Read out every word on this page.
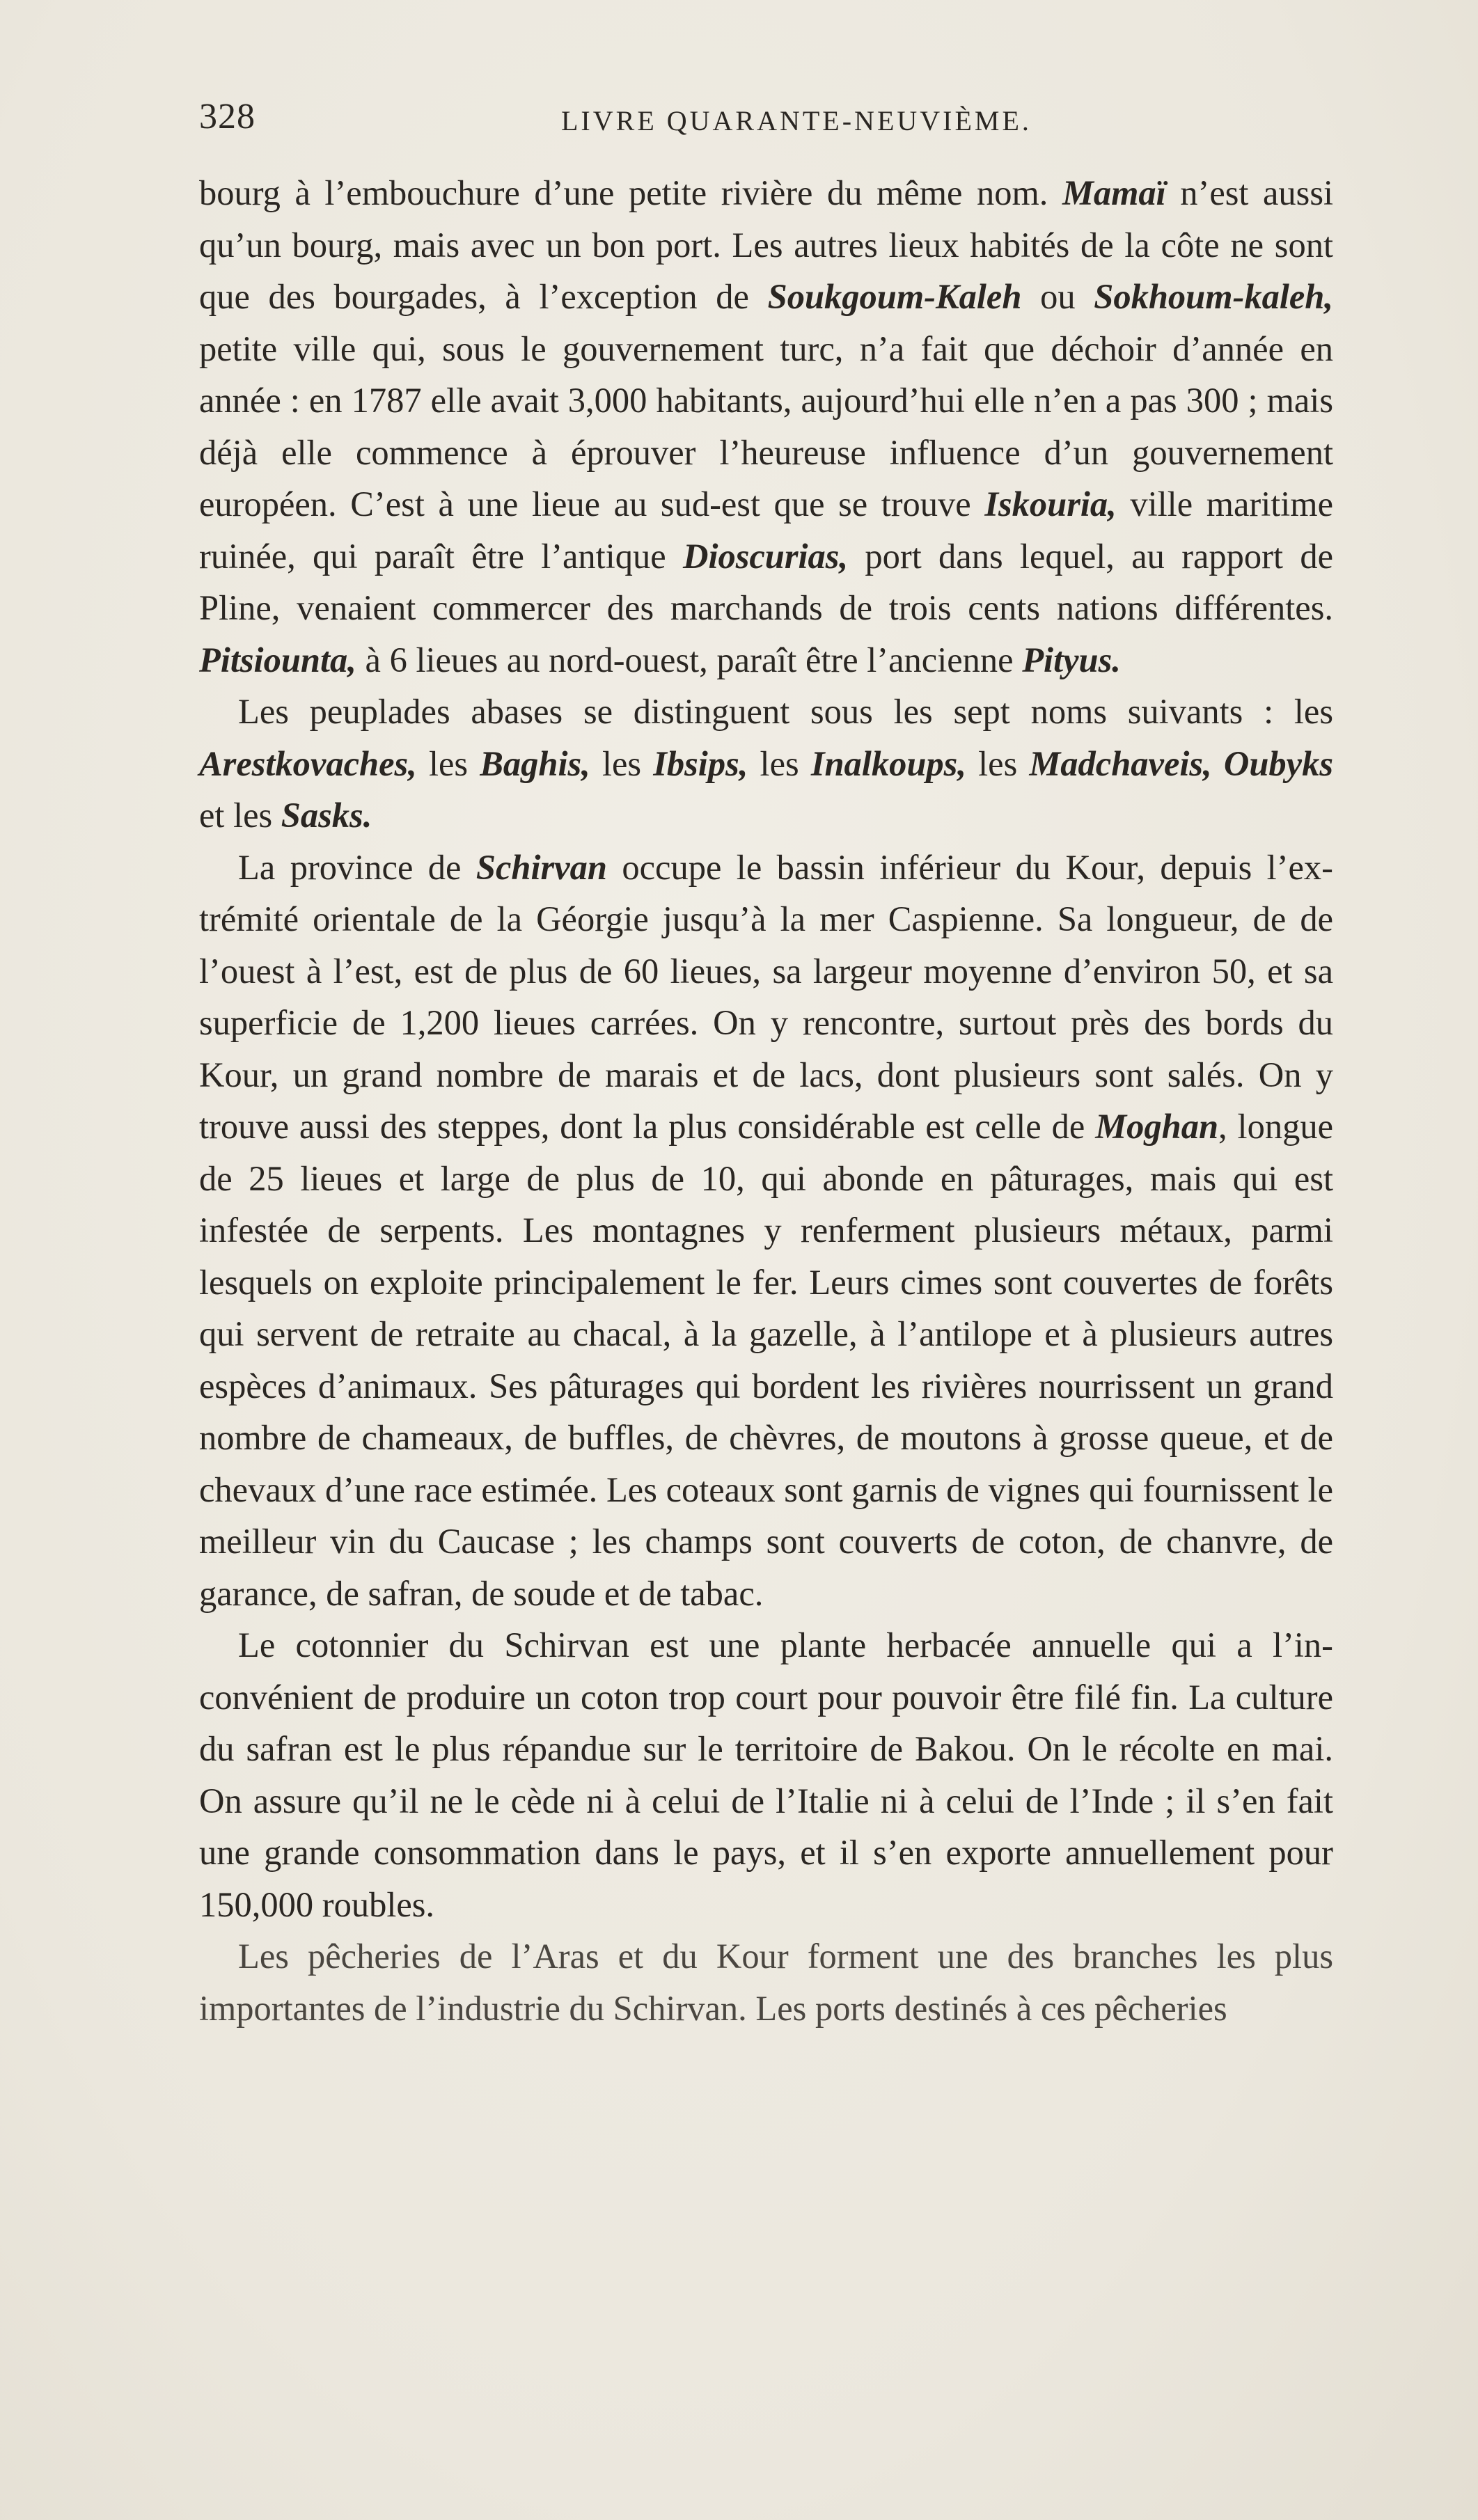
328	LIVRE QUARANTE-NEUVIÈME.

bourg à l’embouchure d’une petite rivière du même nom. Mamaï n’est aussi qu’un bourg, mais avec un bon port. Les autres lieux habités de la côte ne sont que des bourgades, à l’exception de Soukgoum-Kaleh ou Sokhoum-kaleh, petite ville qui, sous le gouvernement turc, n’a fait que déchoir d’année en année : en 1787 elle avait 3,000 habitants, aujourd’hui elle n’en a pas 300 ; mais déjà elle commence à éprouver l’heureuse influence d’un gouvernement européen. C’est à une lieue au sud-est que se trouve Iskouria, ville maritime ruinée, qui paraît être l’antique Dioscurias, port dans lequel, au rapport de Pline, venaient commercer des marchands de trois cents nations différentes. Pitsiounta, à 6 lieues au nord-ouest, paraît être l’ancienne Pityus.

Les peuplades abases se distinguent sous les sept noms suivants : les Arestkovaches, les Baghis, les Ibsips, les Inalkoups, les Madchaveis, Oubyks et les Sasks.

La province de Schirvan occupe le bassin inférieur du Kour, depuis l’extrémité orientale de la Géorgie jusqu’à la mer Caspienne. Sa longueur, de de l’ouest à l’est, est de plus de 60 lieues, sa largeur moyenne d’environ 50, et sa superficie de 1,200 lieues carrées. On y rencontre, surtout près des bords du Kour, un grand nombre de marais et de lacs, dont plusieurs sont salés. On y trouve aussi des steppes, dont la plus considérable est celle de Moghan, longue de 25 lieues et large de plus de 10, qui abonde en pâturages, mais qui est infestée de serpents. Les montagnes y renferment plusieurs métaux, parmi lesquels on exploite principalement le fer. Leurs cimes sont couvertes de forêts qui servent de retraite au chacal, à la gazelle, à l’antilope et à plusieurs autres espèces d’animaux. Ses pâturages qui bordent les rivières nourrissent un grand nombre de chameaux, de buffles, de chèvres, de moutons à grosse queue, et de chevaux d’une race estimée. Les coteaux sont garnis de vignes qui fournissent le meilleur vin du Caucase ; les champs sont couverts de coton, de chanvre, de garance, de safran, de soude et de tabac.

Le cotonnier du Schirvan est une plante herbacée annuelle qui a l’inconvénient de produire un coton trop court pour pouvoir être filé fin. La culture du safran est le plus répandue sur le territoire de Bakou. On le récolte en mai. On assure qu’il ne le cède ni à celui de l’Italie ni à celui de l’Inde ; il s’en fait une grande consommation dans le pays, et il s’en exporte annuellement pour 150,000 roubles.

Les pêcheries de l’Aras et du Kour forment une des branches les plus importantes de l’industrie du Schirvan. Les ports destinés à ces pêcheries
